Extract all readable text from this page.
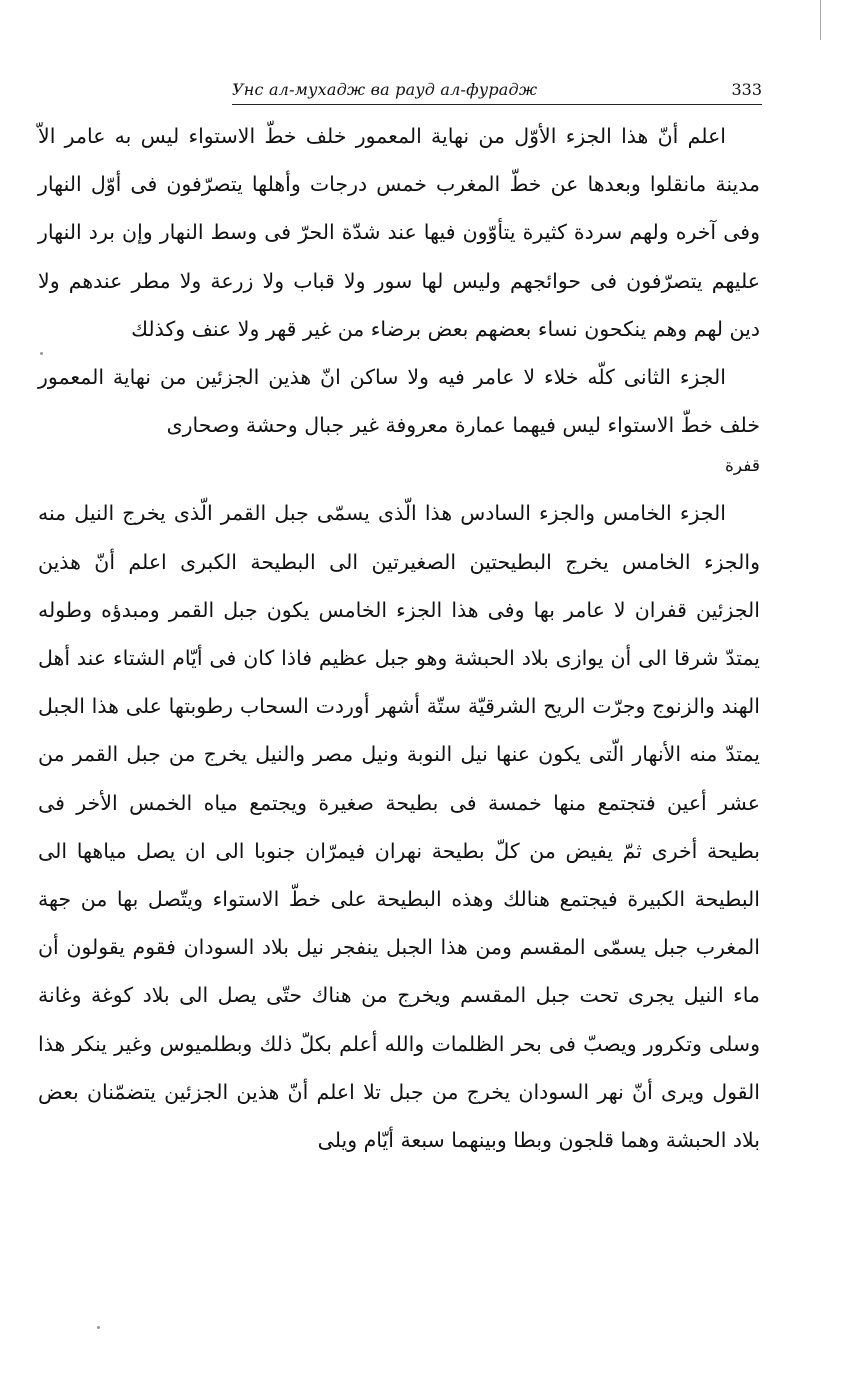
Унс ал-мухадж ва рауд ал-фурадж	333

اعلم أنّ هذا الجزء الأوّل من نهاية المعمور خلف خطّ الاستواء ليس به عامر الاّ مدينة مانقلوا وبعدها عن خطّ المغرب خمس درجات وأهلها يتصرّفون فى أوّل النهار وفى آخره ولهم سردة كثيرة يتأوّون فيها عند شدّة الحرّ فى وسط النهار وإن برد النهار عليهم يتصرّفون فى حوائجهم وليس لها سور ولا قباب ولا زرعة ولا مطر عندهم ولا دين لهم وهم ينكحون نساء بعضهم بعض برضاء من غير قهر ولا عنف وكذلك

الجزء الثانى كلّه خلاء لا عامر فيه ولا ساكن انّ هذين الجزئين من نهاية المعمور خلف خطّ الاستواء ليس فيهما عمارة معروفة غير جبال وحشة وصحارى

قفرة

الجزء الخامس والجزء السادس هذا الّذى يسمّى جبل القمر الّذى يخرج النيل منه والجزء الخامس يخرج البطيحتين الصغيرتين الى البطيحة الكبرى اعلم أنّ هذين الجزئين قفران لا عامر بها وفى هذا الجزء الخامس يكون جبل القمر ومبدؤه وطوله يمتدّ شرقا الى أن يوازى بلاد الحبشة وهو جبل عظيم فاذا كان فى أيّام الشتاء عند أهل الهند والزنوج وجرّت الريح الشرقيّة ستّة أشهر أوردت السحاب رطوبتها على هذا الجبل يمتدّ منه الأنهار الّتى يكون عنها نيل النوبة ونيل مصر والنيل يخرج من جبل القمر من عشر أعين فتجتمع منها خمسة فى بطيحة صغيرة ويجتمع مياه الخمس الأخر فى بطيحة أخرى ثمّ يفيض من كلّ بطيحة نهران فيمرّان جنوبا الى ان يصل مياهها الى البطيحة الكبيرة فيجتمع هنالك وهذه البطيحة على خطّ الاستواء ويتّصل بها من جهة المغرب جبل يسمّى المقسم ومن هذا الجبل ينفجر نيل بلاد السودان فقوم يقولون أن ماء النيل يجرى تحت جبل المقسم ويخرج من هناك حتّى يصل الى بلاد كوغة وغانة وسلى وتكرور ويصبّ فى بحر الظلمات والله أعلم بكلّ ذلك وبطلميوس وغير ينكر هذا القول ويرى أنّ نهر السودان يخرج من جبل تلا اعلم أنّ هذين الجزئين يتضمّنان بعض بلاد الحبشة وهما قلجون وبطا وبينهما سبعة أيّام ويلى
